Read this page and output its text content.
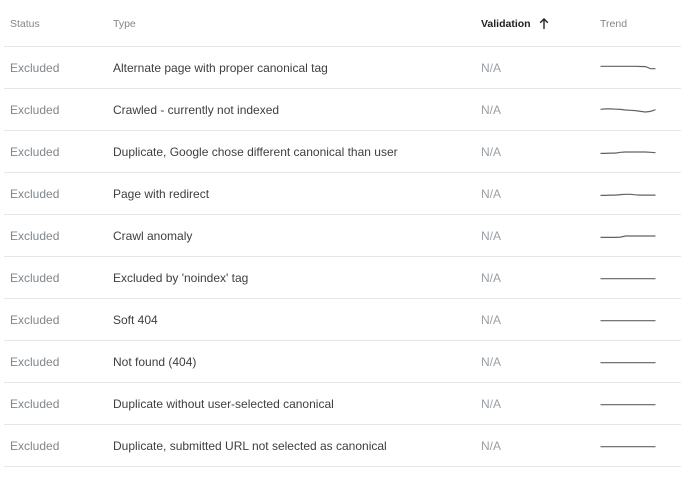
Status	Type	Validation	Trend
Excluded	Alternate page with proper canonical tag	N/A
Excluded	Crawled - currently not indexed	N/A
Excluded	Duplicate, Google chose different canonical than user	N/A
Excluded	Page with redirect	N/A
Excluded	Crawl anomaly	N/A
Excluded	Excluded by 'noindex' tag	N/A
Excluded	Soft 404	N/A
Excluded	Not found (404)	N/A
Excluded	Duplicate without user-selected canonical	N/A
Excluded	Duplicate, submitted URL not selected as canonical	N/A
